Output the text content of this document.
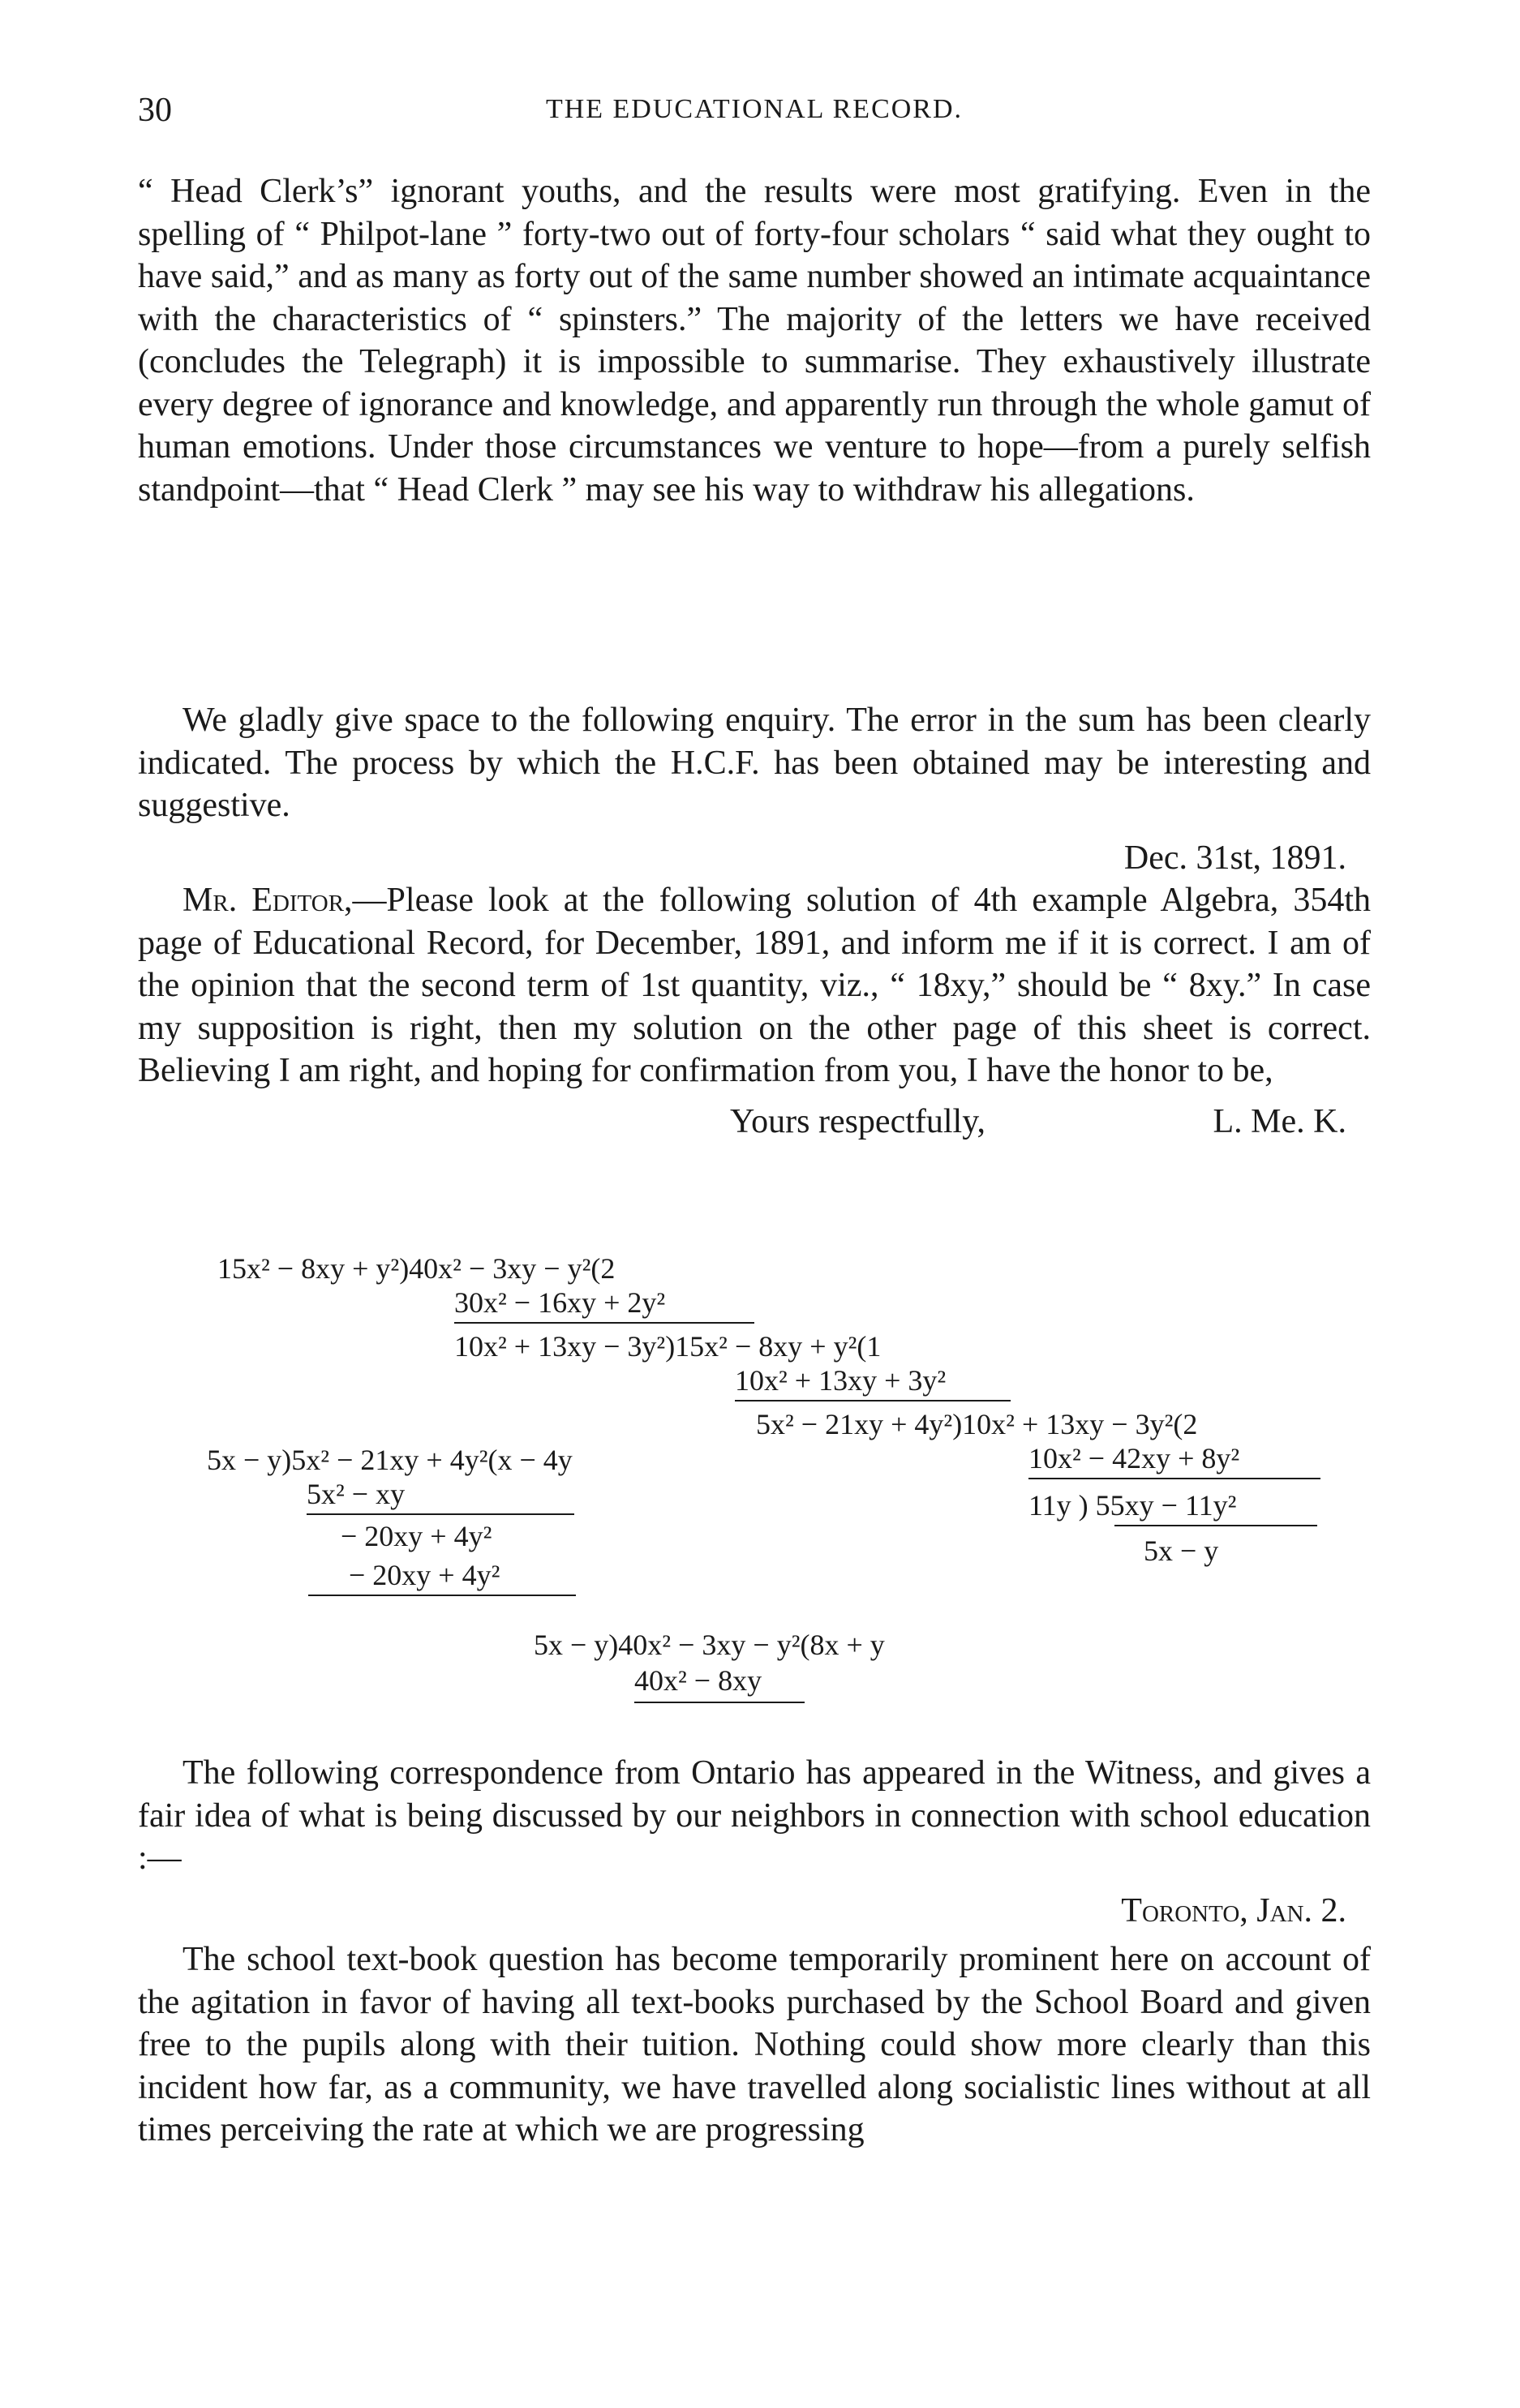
30	THE EDUCATIONAL RECORD.

“ Head Clerk’s” ignorant youths, and the results were most gratifying. Even in the spelling of “ Philpot-lane ” forty-two out of forty-four scholars “ said what they ought to have said,” and as many as forty out of the same number showed an intimate acquaintance with the characteristics of “ spinsters.” The majority of the letters we have received (concludes the Telegraph) it is impossible to summarise. They exhaustively illustrate every degree of ignorance and knowledge, and apparently run through the whole gamut of human emotions. Under those circumstances we venture to hope—from a purely selfish standpoint—that “ Head Clerk ” may see his way to withdraw his allegations.

We gladly give space to the following enquiry. The error in the sum has been clearly indicated. The process by which the H.C.F. has been obtained may be interesting and suggestive.

Dec. 31st, 1891.

Mr. Editor,—Please look at the following solution of 4th example Algebra, 354th page of Educational Record, for December, 1891, and inform me if it is correct. I am of the opinion that the second term of 1st quantity, viz., “ 18xy,” should be “ 8xy.” In case my supposition is right, then my solution on the other page of this sheet is correct. Believing I am right, and hoping for confirmation from you, I have the honor to be,

Yours respectfully,	L. Me. K.
15x² − 8xy + y²)40x² − 3xy − y²(2
30x² − 16xy + 2y²
10x² + 13xy − 3y²)15x² − 8xy + y²(1
10x² + 13xy + 3y²
5x² − 21xy + 4y²)10x² + 13xy − 3y²(2
10x² − 42xy + 8y²
11y ) 55xy − 11y²
5x − y
5x − y)5x² − 21xy + 4y²(x − 4y
5x² − xy
− 20xy + 4y²
− 20xy + 4y²
5x − y)40x² − 3xy − y²(8x + y
40x² − 8xy

The following correspondence from Ontario has appeared in the Witness, and gives a fair idea of what is being discussed by our neighbors in connection with school education :—

Toronto, Jan. 2.

The school text-book question has become temporarily prominent here on account of the agitation in favor of having all text-books purchased by the School Board and given free to the pupils along with their tuition. Nothing could show more clearly than this incident how far, as a community, we have travelled along socialistic lines without at all times perceiving the rate at which we are progressing
